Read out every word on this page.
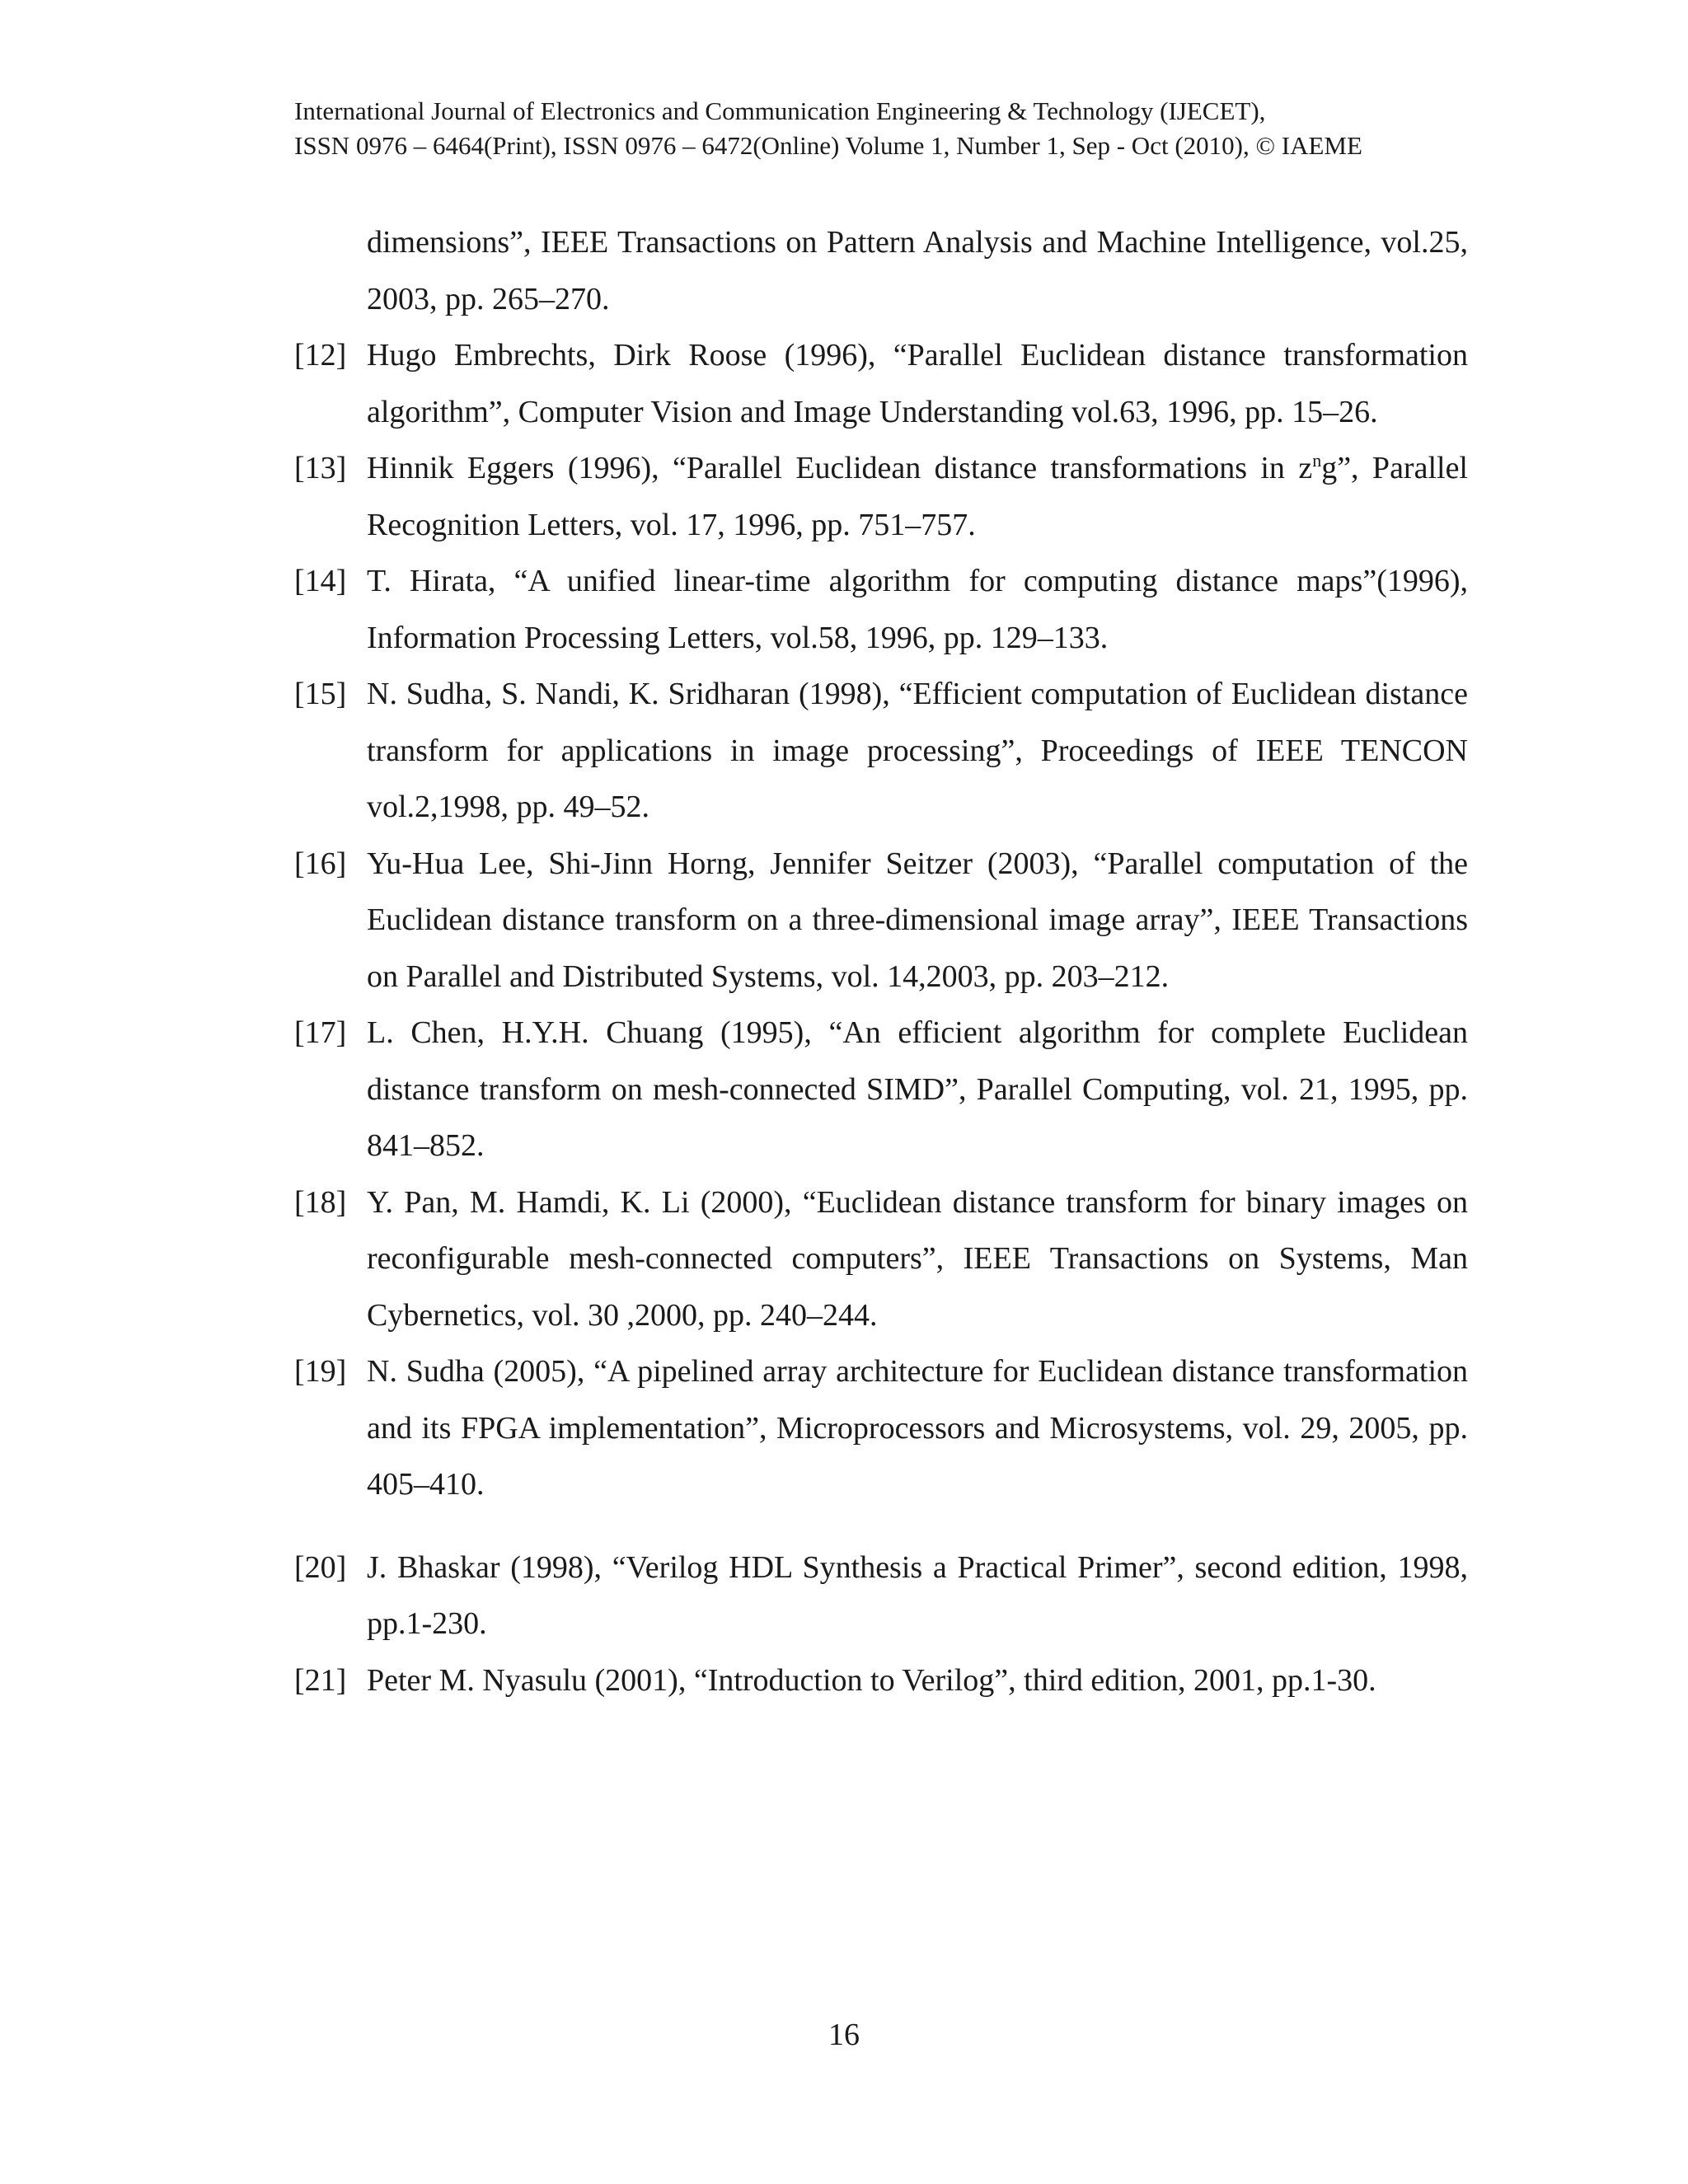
International Journal of Electronics and Communication Engineering & Technology (IJECET),
ISSN 0976 – 6464(Print), ISSN 0976 – 6472(Online) Volume 1, Number 1, Sep - Oct (2010), © IAEME
dimensions”, IEEE Transactions on Pattern Analysis and Machine Intelligence, vol.25, 2003, pp. 265–270.
[12] Hugo Embrechts, Dirk Roose (1996), “Parallel Euclidean distance transformation algorithm”, Computer Vision and Image Understanding vol.63, 1996, pp. 15–26.
[13] Hinnik Eggers (1996), “Parallel Euclidean distance transformations in $z^ng$”, Parallel Recognition Letters, vol. 17, 1996, pp. 751–757.
[14] T. Hirata, “A unified linear-time algorithm for computing distance maps”(1996), Information Processing Letters, vol.58, 1996, pp. 129–133.
[15] N. Sudha, S. Nandi, K. Sridharan (1998), “Efficient computation of Euclidean distance transform for applications in image processing”, Proceedings of IEEE TENCON vol.2,1998, pp. 49–52.
[16] Yu-Hua Lee, Shi-Jinn Horng, Jennifer Seitzer (2003), “Parallel computation of the Euclidean distance transform on a three-dimensional image array”, IEEE Transactions on Parallel and Distributed Systems, vol. 14,2003, pp. 203–212.
[17] L. Chen, H.Y.H. Chuang (1995), “An efficient algorithm for complete Euclidean distance transform on mesh-connected SIMD”, Parallel Computing, vol. 21, 1995, pp. 841–852.
[18] Y. Pan, M. Hamdi, K. Li (2000), “Euclidean distance transform for binary images on reconfigurable mesh-connected computers”, IEEE Transactions on Systems, Man Cybernetics, vol. 30 ,2000, pp. 240–244.
[19] N. Sudha (2005), “A pipelined array architecture for Euclidean distance transformation and its FPGA implementation”, Microprocessors and Microsystems, vol. 29, 2005, pp. 405–410.
[20] J. Bhaskar (1998), “Verilog HDL Synthesis a Practical Primer”, second edition, 1998, pp.1-230.
[21] Peter M. Nyasulu (2001), “Introduction to Verilog”, third edition, 2001, pp.1-30.
16
